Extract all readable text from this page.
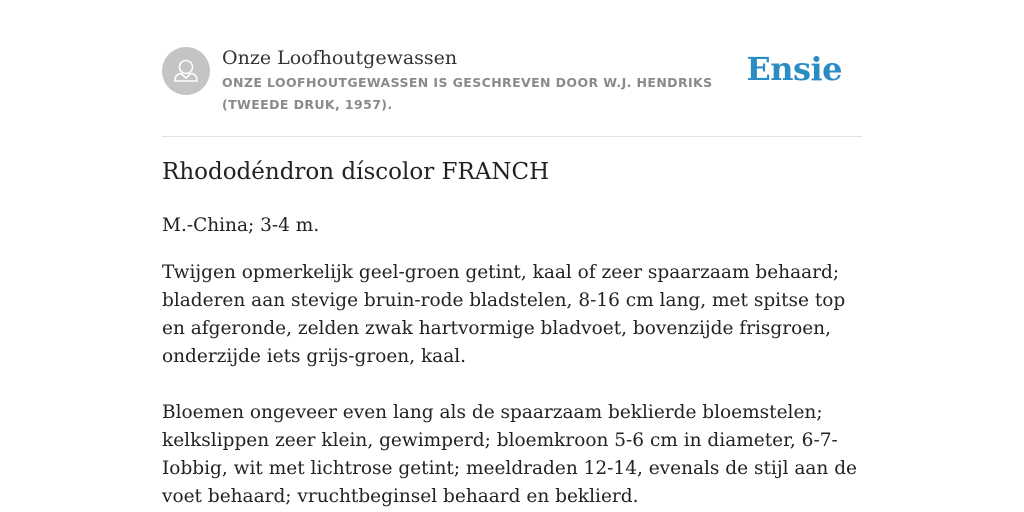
Onze Loofhoutgewassen
ONZE LOOFHOUTGEWASSEN IS GESCHREVEN DOOR W.J. HENDRIKS (TWEEDE DRUK, 1957).
Ensie
Rhododéndron díscolor FRANCH

M.-China; 3-4 m.

Twijgen opmerkelijk geel-groen getint, kaal of zeer spaarzaam behaard; bladeren aan stevige bruin-rode bladstelen, 8-16 cm lang, met spitse top en afgeronde, zelden zwak hartvormige bladvoet, bovenzijde frisgroen, onderzijde iets grijs-groen, kaal.

Bloemen ongeveer even lang als de spaarzaam beklierde bloemstelen; kelkslippen zeer klein, gewimperd; bloemkroon 5-6 cm in diameter, 6-7-Iobbig, wit met lichtrose getint; meeldraden 12-14, evenals de stijl aan de voet behaard; vruchtbeginsel behaard en beklierd.
